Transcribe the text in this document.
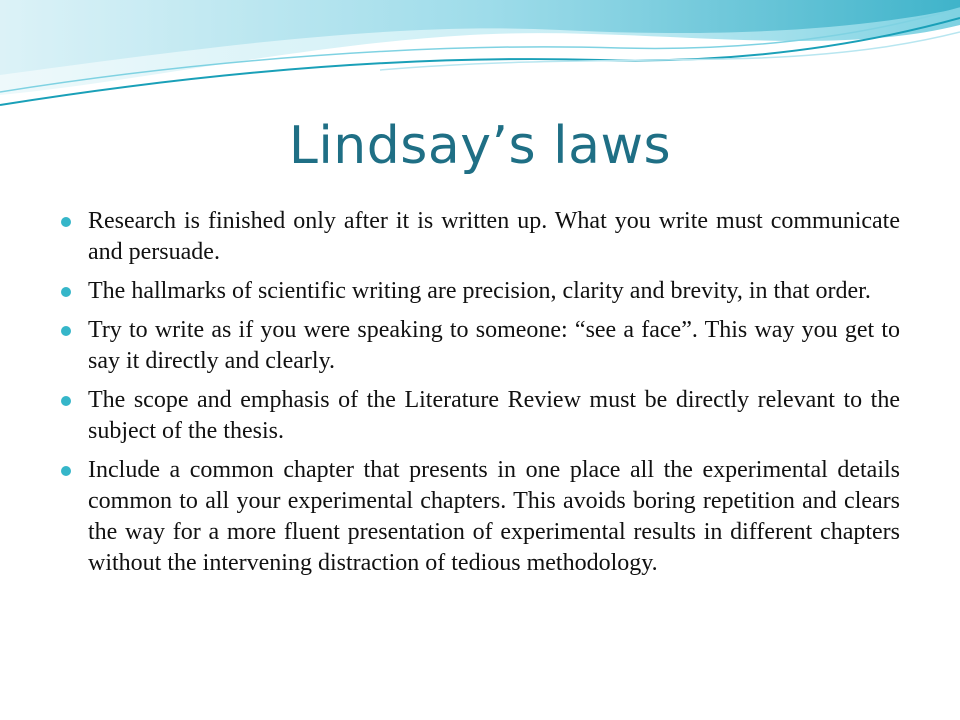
Lindsay’s laws
Research is finished only after it is written up. What you write must communicate and persuade.
The hallmarks of scientific writing are precision, clarity and brevity, in that order.
Try to write as if you were speaking to someone: “see a face”. This way you get to say it directly and clearly.
The scope and emphasis of the Literature Review must be directly relevant to the subject of the thesis.
Include a common chapter that presents in one place all the experimental details common to all your experimental chapters. This avoids boring repetition and clears the way for a more fluent presentation of experimental results in different chapters without the intervening distraction of tedious methodology.
